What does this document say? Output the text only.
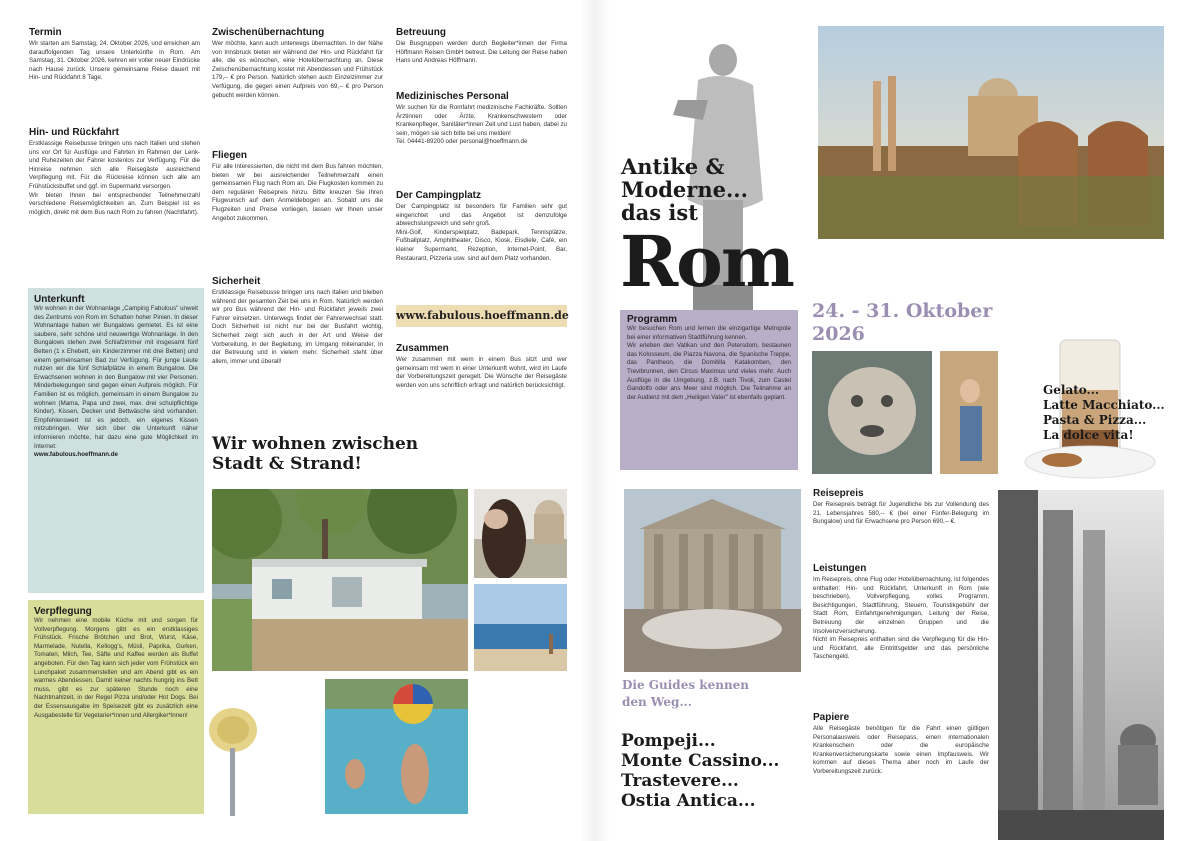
Termin

Wir starten am Samstag, 24. Oktober 2026, und erreichen am darauffolgenden Tag unsere Unterkünfte in Rom. Am Samstag, 31. Oktober 2026, kehren wir voller neuer Eindrücke nach Hause zurück. Unsere gemeinsame Reise dauert mit Hin- und Rückfahrt 8 Tage.

Hin- und Rückfahrt

Erstklassige Reisebusse bringen uns nach Italien und stehen uns vor Ort für Ausflüge und Fahrten im Rahmen der Lenk- und Ruhezeiten der Fahrer kostenlos zur Verfügung. Für die Hinreise nehmen sich alle Reisegäste ausreichend Verpflegung mit. Für die Rückreise können sich alle am Frühstücksbuffet und ggf. im Supermarkt versorgen.
Wir bieten Ihnen bei entsprechender Teilnehmerzahl verschiedene Reisemöglichkeiten an. Zum Beispiel ist es möglich, direkt mit dem Bus nach Rom zu fahren (Nachtfahrt).

Unterkunft

Wir wohnen in der Wohnanlage „Camping Fabulous" unweit des Zentrums von Rom im Schatten hoher Pinien. In dieser Wohnanlage haben wir Bungalows gemietet. Es ist eine saubere, sehr schöne und neuwertige Wohnanlage. In den Bungalows stehen zwei Schlafzimmer mit insgesamt fünf Betten (1 x Ehebett, ein Kinderzimmer mit drei Betten) und einem gemeinsamen Bad zur Verfügung. Für junge Leute nutzen wir die fünf Schlafplätze in einem Bungalow. Die Erwachsenen wohnen in den Bungalow mit vier Personen. Minderbelegungen sind gegen einen Aufpreis möglich. Für Familien ist es möglich, gemeinsam in einem Bungalow zu wohnen (Mama, Papa und zwei, max. drei schulpflichtige Kinder). Kissen, Decken und Bettwäsche sind vorhanden. Empfehlenswert ist es jedoch, ein eigenes Kissen mitzubringen. Wer sich über die Unterkunft näher informieren möchte, hat dazu eine gute Möglichkeit im Internet:

www.fabulous.hoeffmann.de

Verpflegung

Wir nehmen eine mobile Küche mit und sorgen für Vollverpflegung. Morgens gibt es ein erstklassiges Frühstück. Frische Brötchen und Brot, Wurst, Käse, Marmelade, Nutella, Kellogg's, Müsli, Paprika, Gurken, Tomaten, Milch, Tee, Säfte und Kaffee werden als Buffet angeboten. Für den Tag kann sich jeder vom Frühstück ein Lunchpaket zusammenstellen und am Abend gibt es ein warmes Abendessen. Damit keiner nachts hungrig ins Bett muss, gibt es zur späteren Stunde noch eine Nachtmahlzeit, in der Regel Pizza und/oder Hot Dogs. Bei der Essensausgabe im Speisezelt gibt es zusätzlich eine Ausgabestelle für Vegetarier*innen und Allergiker*innen!

Zwischenübernachtung

Wer möchte, kann auch unterwegs übernachten. In der Nähe von Innsbruck bieten wir während der Hin- und Rückfahrt für alle, die es wünschen, eine Hotelübernachtung an. Diese Zwischenübernachtung kostet mit Abendessen und Frühstück 179,-- € pro Person. Natürlich stehen auch Einzelzimmer zur Verfügung, die gegen einen Aufpreis von 69,-- € pro Person gebucht werden können.

Fliegen

Für alle Interessierten, die nicht mit dem Bus fahren möchten, bieten wir bei ausreichender Teilnehmerzahl einen gemeinsamen Flug nach Rom an. Die Flugkosten kommen zu dem regulären Reisepreis hinzu. Bitte kreuzen Sie Ihren Flugwunsch auf dem Anmeldebogen an. Sobald uns die Flugzeiten und Preise vorliegen, lassen wir Ihnen unser Angebot zukommen.

Sicherheit

Erstklassige Reisebusse bringen uns nach Italien und bleiben während der gesamten Zeit bei uns in Rom. Natürlich werden wir pro Bus während der Hin- und Rückfahrt jeweils zwei Fahrer einsetzen. Unterwegs findet der Fahrerwechsel statt. Doch Sicherheit ist nicht nur bei der Busfahrt wichtig, Sicherheit zeigt sich auch in der Art und Weise der Vorbereitung, in der Begleitung, im Umgang miteinander, in der Betreuung und in vielem mehr. Sicherheit steht über allem, immer und überall!

Wir wohnen zwischen
Stadt & Strand!
Betreuung

Die Busgruppen werden durch Begleiter*innen der Firma Höffmann Reisen GmbH betreut. Die Leitung der Reise haben Hans und Andreas Höffmann.

Medizinisches Personal

Wir suchen für die Romfahrt medizinische Fachkräfte. Sollten Ärztinnen oder Ärzte, Krankenschwestern oder Krankenpfleger, Sanitäter*innen Zeit und Lust haben, dabei zu sein, mögen sie sich bitte bei uns melden!
Tel. 04441-89200 oder personal@hoeffmann.de

Der Campingplatz

Der Campingplatz ist besonders für Familien sehr gut eingerichtet und das Angebot ist demzufolge abwechslungsreich und sehr groß.
Mini-Golf, Kinderspielplatz, Badepark, Tennisplätze, Fußballplatz, Amphitheater, Disco, Kiosk, Eisdiele, Café, ein kleiner Supermarkt, Rezeption, Internet-Point, Bar, Restaurant, Pizzeria usw. sind auf dem Platz vorhanden.

www.fabulous.hoeffmann.de
Zusammen

Wer zusammen mit wem in einem Bus sitzt und wer gemeinsam mit wem in einer Unterkunft wohnt, wird im Laufe der Vorbereitungszeit geregelt. Die Wünsche der Reisegäste werden von uns schriftlich erfragt und natürlich berücksichtigt.

Antike &
Moderne...
das ist
Rom
24. - 31. Oktober
2026
Programm

Wir besuchen Rom und lernen die einzigartige Metropole bei einer informativen Stadtführung kennen.
Wir erleben den Vatikan und den Petersdom, bestaunen das Kolosseum, die Piazza Navona, die Spanische Treppe, das Pantheon, die Domitilla Katakomben, den Trevibrunnen, den Circus Maximus und vieles mehr. Auch Ausflüge in die Umgebung, z.B. nach Tivoli, zum Castel Gandolfo oder ans Meer sind möglich. Die Teilnahme an der Audienz mit dem „Heiligen Vater" ist ebenfalls geplant.

Gelato...
Latte Macchiato...
Pasta & Pizza...
La dolce vita!
Die Guides kennen
den Weg...
Pompeji...
Monte Cassino...
Trastevere...
Ostia Antica...
Reisepreis

Der Reisepreis beträgt für Jugendliche bis zur Vollendung des 21. Lebensjahres 580,-- € (bei einer Fünfer-Belegung im Bungalow) und für Erwachsene pro Person 690,-- €.

Leistungen

Im Reisepreis, ohne Flug oder Hotelübernachtung, ist folgendes enthalten: Hin- und Rückfahrt, Unterkunft in Rom (wie beschrieben), Vollverpflegung, volles Programm, Besichtigungen, Stadtführung, Steuern, Touristikgebühr der Stadt Rom, Einfahrtgenehmigungen, Leitung der Reise, Betreuung der einzelnen Gruppen und die Insolvenzversicherung.
Nicht im Reisepreis enthalten sind die Verpflegung für die Hin- und Rückfahrt, alle Eintrittsgelder und das persönliche Taschengeld.

Papiere

Alle Reisegäste benötigen für die Fahrt einen gültigen Personalausweis oder Reisepass, einen internationalen Krankenschein oder die europäische Krankenversicherungskarte sowie einen Impfausweis. Wir kommen auf dieses Thema aber noch im Laufe der Vorbereitungszeit zurück.
